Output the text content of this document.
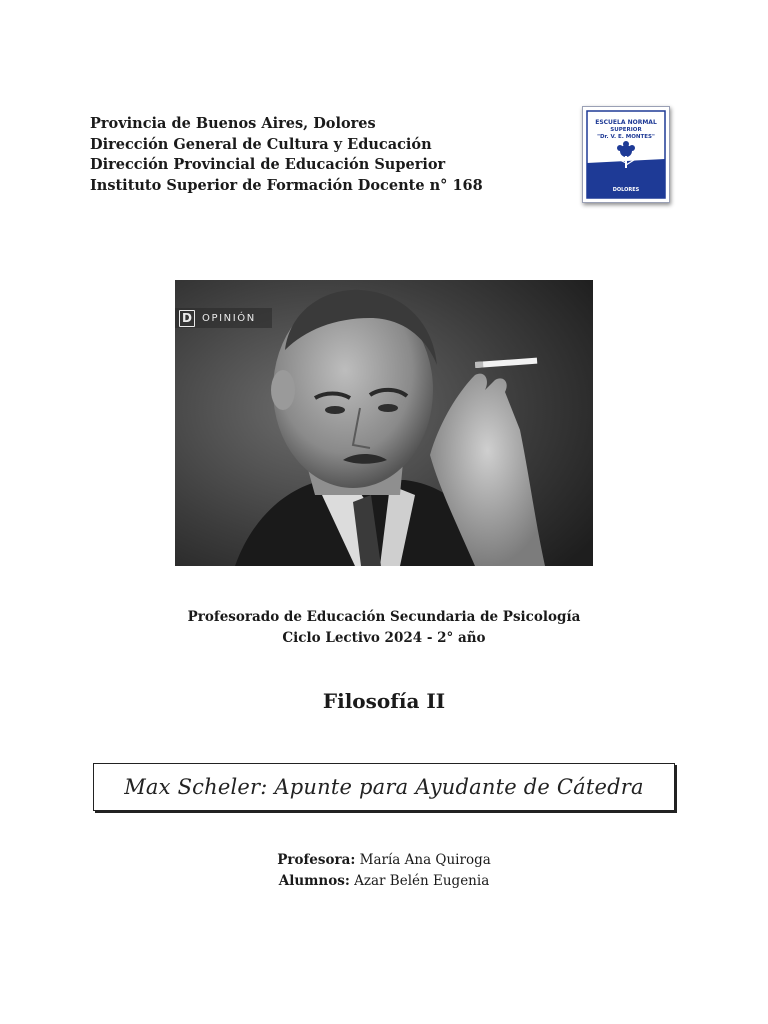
Provincia de Buenos Aires, Dolores
Dirección General de Cultura y Educación
Dirección Provincial de Educación Superior
Instituto Superior de Formación Docente n° 168
ESCUELA NORMAL
SUPERIOR
"Dr. V. E. MONTES"
DOLORES
D	OPINIÓN
Profesorado de Educación Secundaria de Psicología
Ciclo Lectivo 2024 - 2° año
Filosofía II
Max Scheler: Apunte para Ayudante de Cátedra
Profesora: María Ana Quiroga
Alumnos: Azar Belén Eugenia
